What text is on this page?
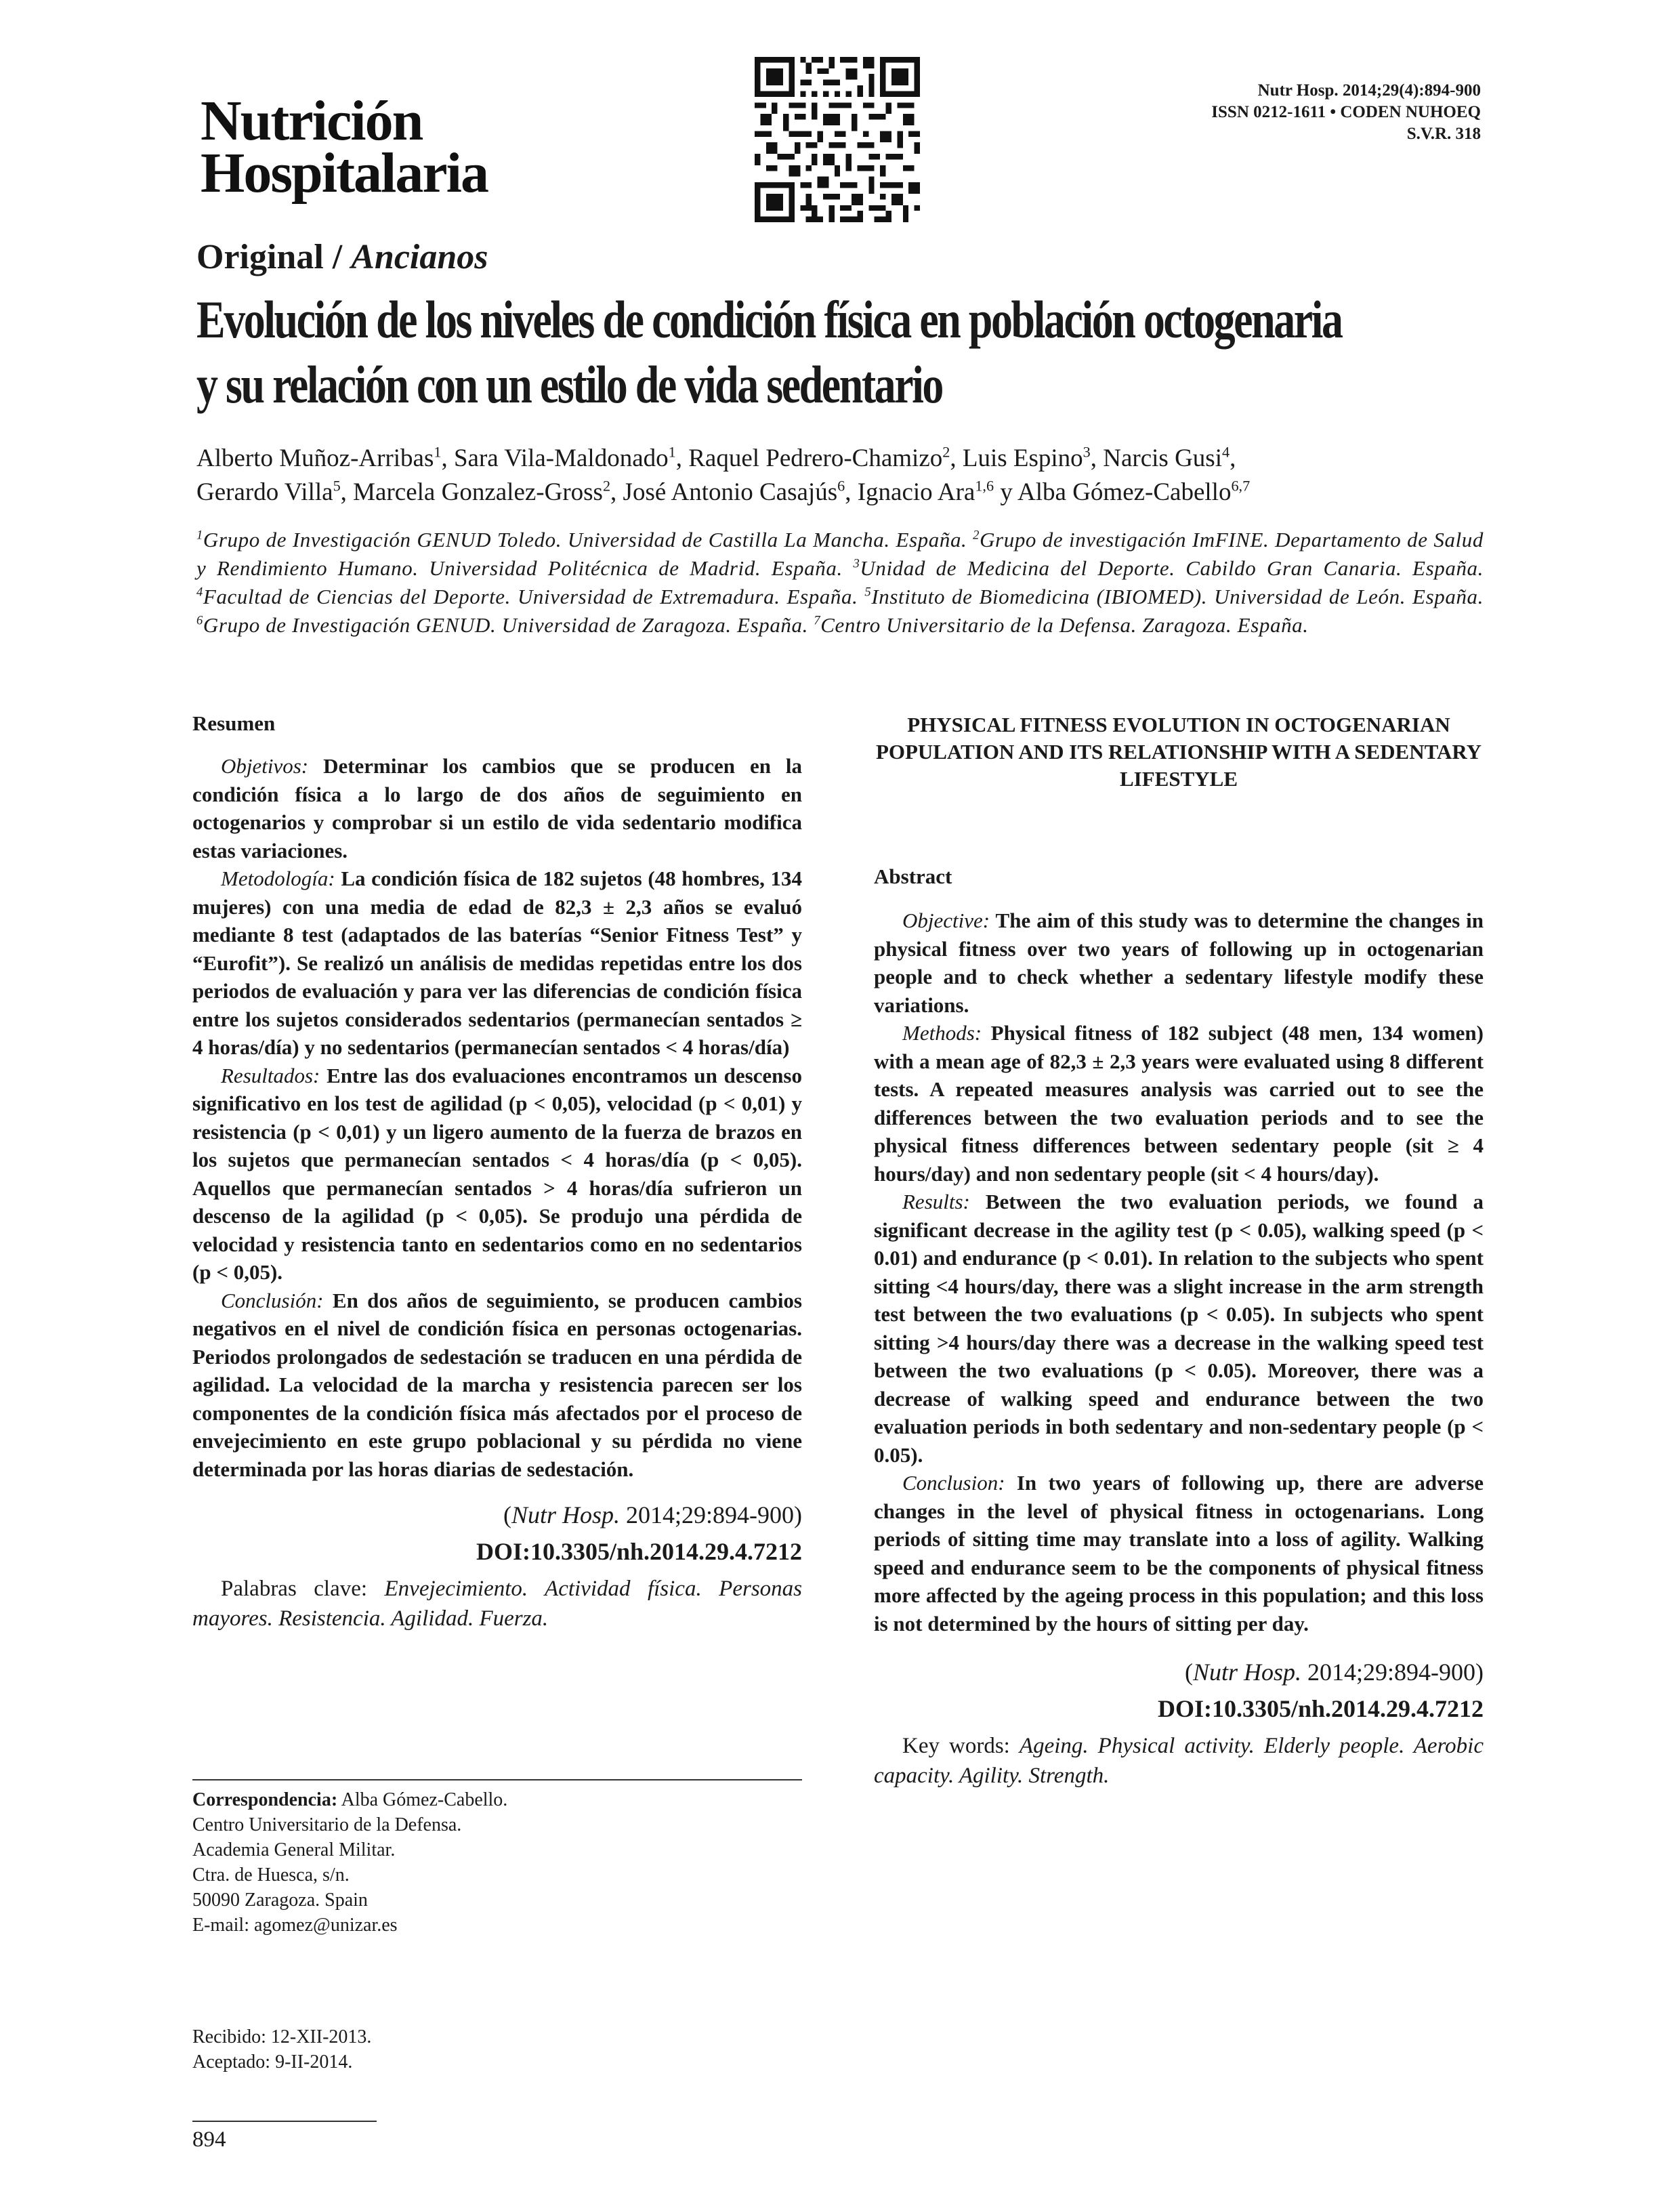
Nutrición
Hospitalaria
Nutr Hosp. 2014;29(4):894-900
ISSN 0212-1611 • CODEN NUHOEQ
S.V.R. 318
Original / Ancianos
Evolución de los niveles de condición física en población octogenaria
y su relación con un estilo de vida sedentario
Alberto Muñoz-Arribas$^1$, Sara Vila-Maldonado$^1$, Raquel Pedrero-Chamizo$^2$, Luis Espino$^3$, Narcis Gusi$^4$,
Gerardo Villa$^5$, Marcela Gonzalez-Gross$^2$, José Antonio Casajús$^6$, Ignacio Ara$^{1,6}$ y Alba Gómez-Cabello$^{6,7}$
$^1$Grupo de Investigación GENUD Toledo. Universidad de Castilla La Mancha. España. $^2$Grupo de investigación ImFINE. Departamento de Salud y Rendimiento Humano. Universidad Politécnica de Madrid. España. $^3$Unidad de Medicina del Deporte. Cabildo Gran Canaria. España. $^4$Facultad de Ciencias del Deporte. Universidad de Extremadura. España. $^5$Instituto de Biomedicina (IBIOMED). Universidad de León. España. $^6$Grupo de Investigación GENUD. Universidad de Zaragoza. España. $^7$Centro Universitario de la Defensa. Zaragoza. España.
Resumen

Objetivos: Determinar los cambios que se producen en la condición física a lo largo de dos años de seguimiento en octogenarios y comprobar si un estilo de vida sedentario modifica estas variaciones.

Metodología: La condición física de 182 sujetos (48 hombres, 134 mujeres) con una media de edad de 82,3 ± 2,3 años se evaluó mediante 8 test (adaptados de las baterías “Senior Fitness Test” y “Eurofit”). Se realizó un análisis de medidas repetidas entre los dos periodos de evaluación y para ver las diferencias de condición física entre los sujetos considerados sedentarios (permanecían sentados ≥ 4 horas/día) y no sedentarios (permanecían sentados < 4 horas/día)

Resultados: Entre las dos evaluaciones encontramos un descenso significativo en los test de agilidad (p < 0,05), velocidad (p < 0,01) y resistencia (p < 0,01) y un ligero aumento de la fuerza de brazos en los sujetos que permanecían sentados < 4 horas/día (p < 0,05). Aquellos que permanecían sentados > 4 horas/día sufrieron un descenso de la agilidad (p < 0,05). Se produjo una pérdida de velocidad y resistencia tanto en sedentarios como en no sedentarios (p < 0,05).

Conclusión: En dos años de seguimiento, se producen cambios negativos en el nivel de condición física en personas octogenarias. Periodos prolongados de sedestación se traducen en una pérdida de agilidad. La velocidad de la marcha y resistencia parecen ser los componentes de la condición física más afectados por el proceso de envejecimiento en este grupo poblacional y su pérdida no viene determinada por las horas diarias de sedestación.

(Nutr Hosp. 2014;29:894-900)
DOI:10.3305/nh.2014.29.4.7212
Palabras clave: Envejecimiento. Actividad física. Personas mayores. Resistencia. Agilidad. Fuerza.
PHYSICAL FITNESS EVOLUTION IN OCTOGENARIAN POPULATION AND ITS RELATIONSHIP WITH A SEDENTARY LIFESTYLE
Abstract

Objective: The aim of this study was to determine the changes in physical fitness over two years of following up in octogenarian people and to check whether a sedentary lifestyle modify these variations.

Methods: Physical fitness of 182 subject (48 men, 134 women) with a mean age of 82,3 ± 2,3 years were evaluated using 8 different tests. A repeated measures analysis was carried out to see the differences between the two evaluation periods and to see the physical fitness differences between sedentary people (sit ≥ 4 hours/day) and non sedentary people (sit < 4 hours/day).

Results: Between the two evaluation periods, we found a significant decrease in the agility test (p < 0.05), walking speed (p < 0.01) and endurance (p < 0.01). In relation to the subjects who spent sitting <4 hours/day, there was a slight increase in the arm strength test between the two evaluations (p < 0.05). In subjects who spent sitting >4 hours/day there was a decrease in the walking speed test between the two evaluations (p < 0.05). Moreover, there was a decrease of walking speed and endurance between the two evaluation periods in both sedentary and non-sedentary people (p < 0.05).

Conclusion: In two years of following up, there are adverse changes in the level of physical fitness in octogenarians. Long periods of sitting time may translate into a loss of agility. Walking speed and endurance seem to be the components of physical fitness more affected by the ageing process in this population; and this loss is not determined by the hours of sitting per day.

(Nutr Hosp. 2014;29:894-900)
DOI:10.3305/nh.2014.29.4.7212
Key words: Ageing. Physical activity. Elderly people. Aerobic capacity. Agility. Strength.
Correspondencia: Alba Gómez-Cabello.
Centro Universitario de la Defensa.
Academia General Militar.
Ctra. de Huesca, s/n.
50090 Zaragoza. Spain
E-mail: agomez@unizar.es
Recibido: 12-XII-2013.
Aceptado: 9-II-2014.
894
